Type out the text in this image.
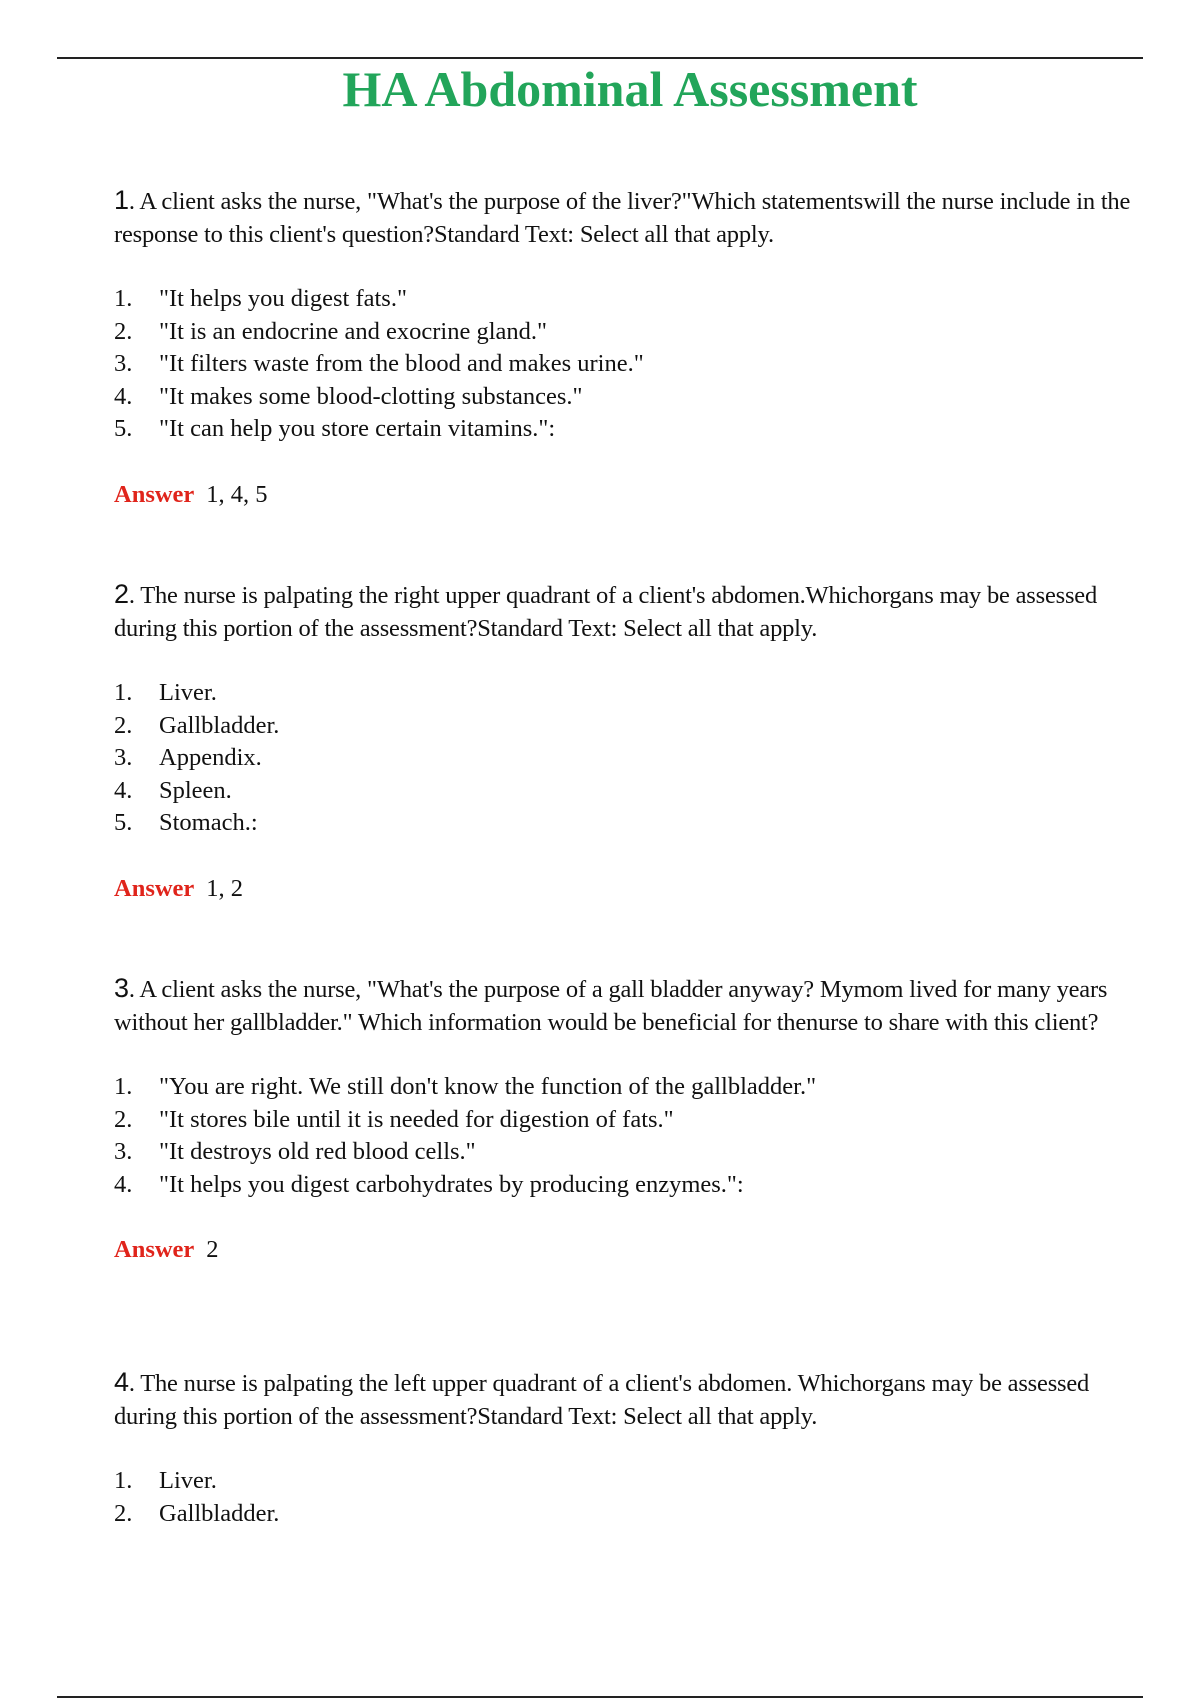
HA Abdominal Assessment

1. A client asks the nurse, "What's the purpose of the liver?"Which statementswill the nurse include in the response to this client's question?Standard Text: Select all that apply.

1.	"It helps you digest fats."
2.	"It is an endocrine and exocrine gland."
3.	"It filters waste from the blood and makes urine."
4.	"It makes some blood-clotting substances."
5.	"It can help you store certain vitamins.":
Answer 1, 4, 5

2. The nurse is palpating the right upper quadrant of a client's abdomen.Whichorgans may be assessed during this portion of the assessment?Standard Text: Select all that apply.

1.	Liver.
2.	Gallbladder.
3.	Appendix.
4.	Spleen.
5.	Stomach.:
Answer 1, 2

3. A client asks the nurse, "What's the purpose of a gall bladder anyway? Mymom lived for many years without her gallbladder." Which information would be beneficial for thenurse to share with this client?

1.	"You are right. We still don't know the function of the gallbladder."
2.	"It stores bile until it is needed for digestion of fats."
3.	"It destroys old red blood cells."
4.	"It helps you digest carbohydrates by producing enzymes.":
Answer 2

4. The nurse is palpating the left upper quadrant of a client's abdomen. Whichorgans may be assessed during this portion of the assessment?Standard Text: Select all that apply.

1.	Liver.
2.	Gallbladder.
